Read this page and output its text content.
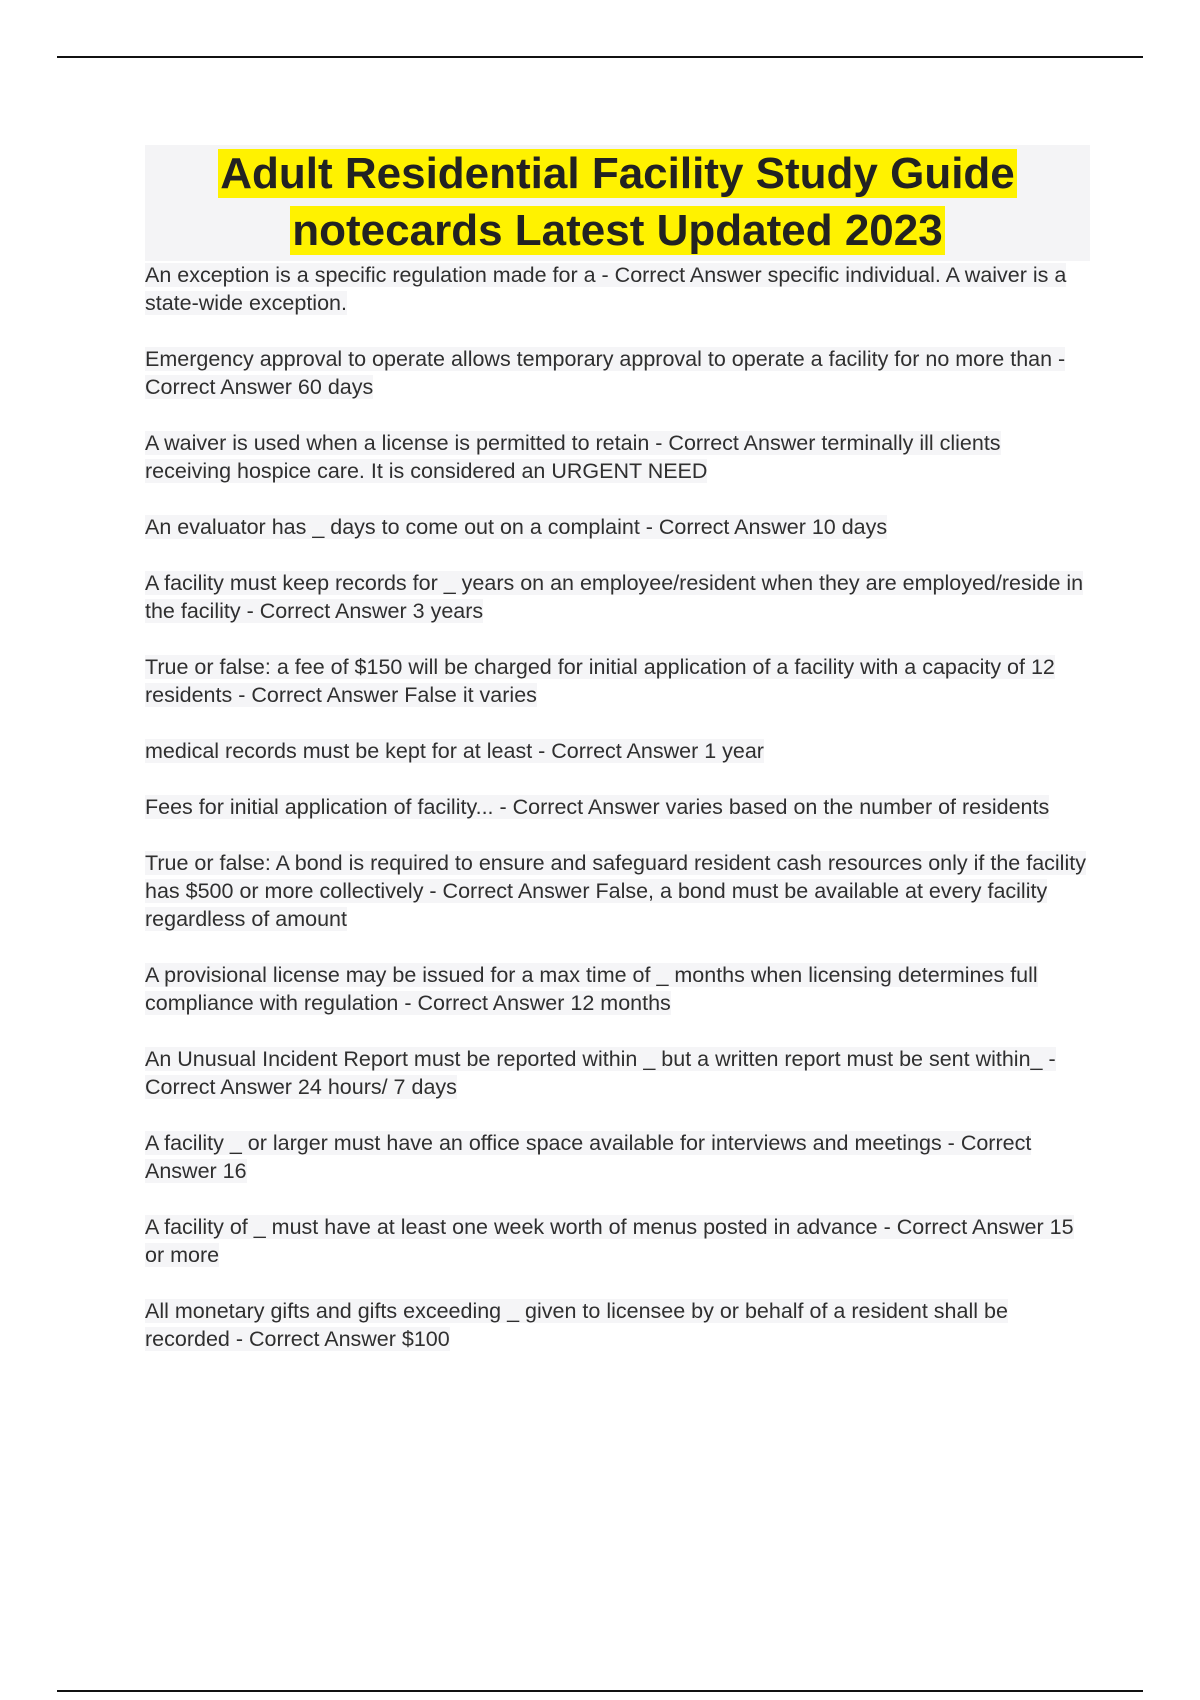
Adult Residential Facility Study Guide notecards Latest Updated 2023

An exception is a specific regulation made for a - Correct Answer specific individual. A waiver is a state-wide exception.

Emergency approval to operate allows temporary approval to operate a facility for no more than - Correct Answer 60 days

A waiver is used when a license is permitted to retain - Correct Answer terminally ill clients receiving hospice care. It is considered an URGENT NEED

An evaluator has _ days to come out on a complaint - Correct Answer 10 days

A facility must keep records for _ years on an employee/resident when they are employed/reside in the facility - Correct Answer 3 years

True or false: a fee of $150 will be charged for initial application of a facility with a capacity of 12 residents - Correct Answer False it varies

medical records must be kept for at least - Correct Answer 1 year

Fees for initial application of facility... - Correct Answer varies based on the number of residents

True or false: A bond is required to ensure and safeguard resident cash resources only if the facility has $500 or more collectively - Correct Answer False, a bond must be available at every facility regardless of amount

A provisional license may be issued for a max time of _ months when licensing determines full compliance with regulation - Correct Answer 12 months

An Unusual Incident Report must be reported within _ but a written report must be sent within_ - Correct Answer 24 hours/ 7 days

A facility _ or larger must have an office space available for interviews and meetings - Correct Answer 16

A facility of _ must have at least one week worth of menus posted in advance - Correct Answer 15 or more

All monetary gifts and gifts exceeding _ given to licensee by or behalf of a resident shall be recorded - Correct Answer $100
